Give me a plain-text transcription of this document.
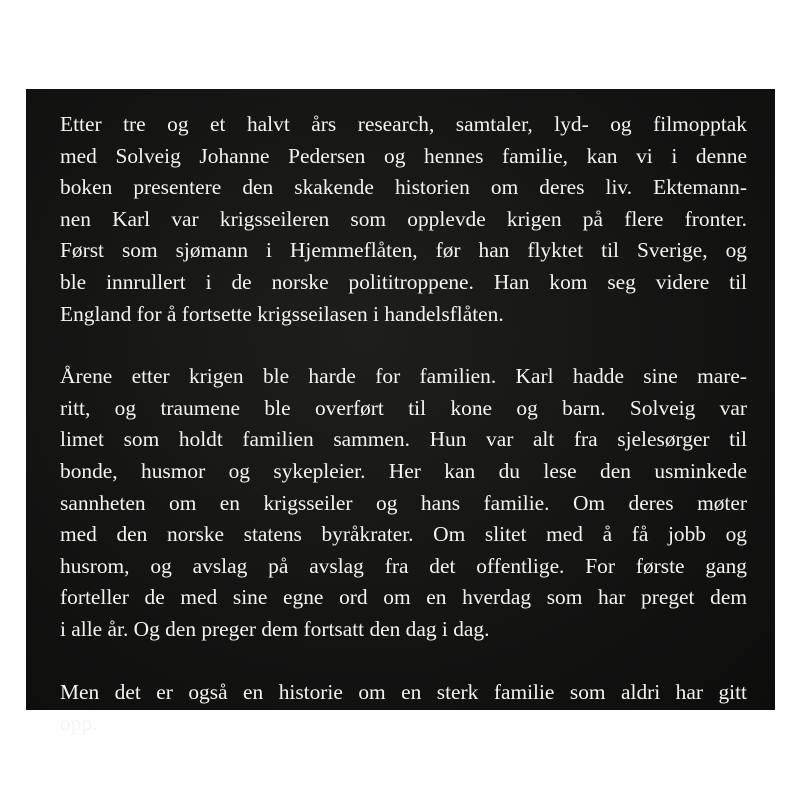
Etter tre og et halvt års research, samtaler, lyd- og filmopptak
med Solveig Johanne Pedersen og hennes familie, kan vi i denne
boken presentere den skakende historien om deres liv. Ektemann-
nen Karl var krigsseileren som opplevde krigen på flere fronter.
Først som sjømann i Hjemmeflåten, før han flyktet til Sverige, og
ble innrullert i de norske polititroppene. Han kom seg videre til
England for å fortsette krigsseilasen i handelsflåten.

Årene etter krigen ble harde for familien. Karl hadde sine mare-
ritt, og traumene ble overført til kone og barn. Solveig var
limet som holdt familien sammen. Hun var alt fra sjelesørger til
bonde, husmor og sykepleier. Her kan du lese den usminkede
sannheten om en krigsseiler og hans familie. Om deres møter
med den norske statens byråkrater. Om slitet med å få jobb og
husrom, og avslag på avslag fra det offentlige. For første gang
forteller de med sine egne ord om en hverdag som har preget dem
i alle år. Og den preger dem fortsatt den dag i dag.

Men det er også en historie om en sterk familie som aldri har gitt
opp.
